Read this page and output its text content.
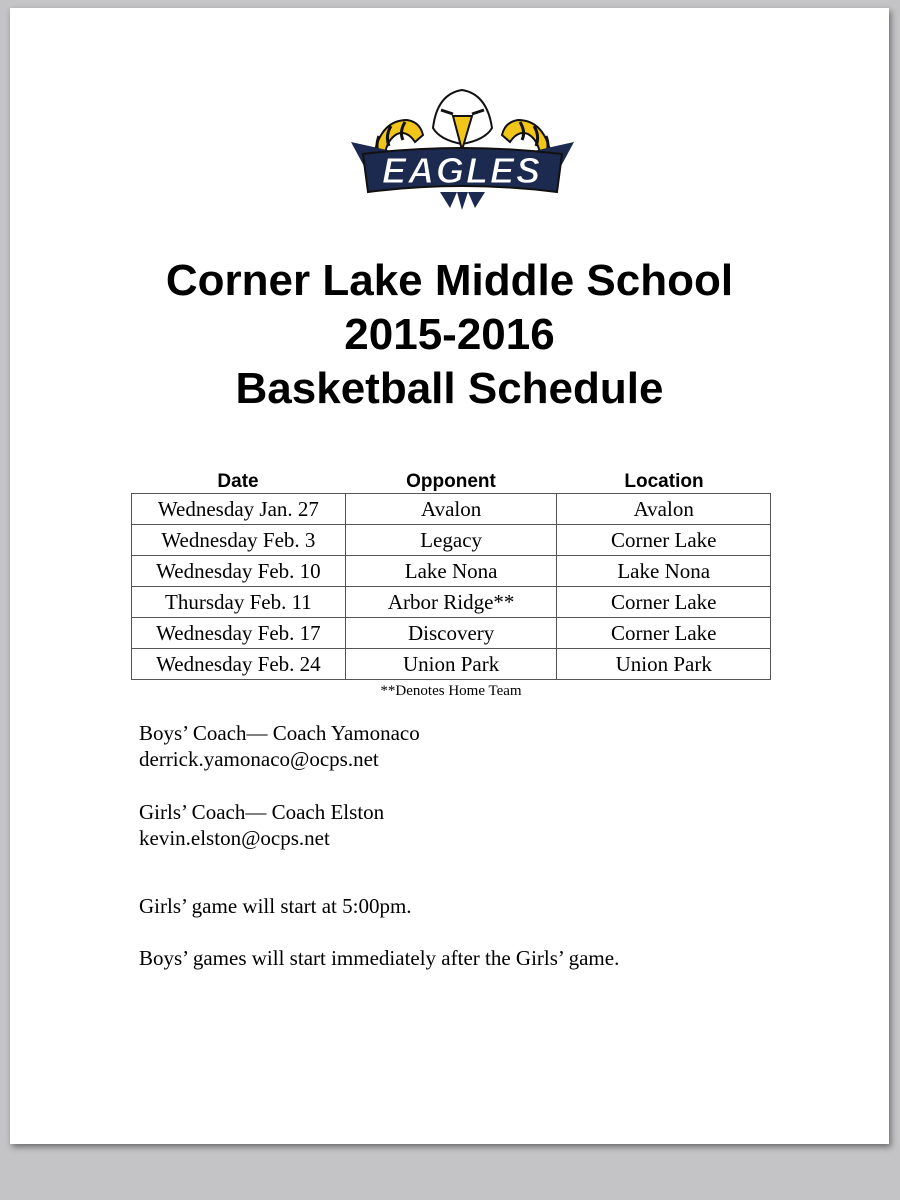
EAGLES
Corner Lake Middle School
2015-2016
Basketball Schedule
Date	Opponent	Location
Wednesday Jan. 27	Avalon	Avalon
Wednesday Feb. 3	Legacy	Corner Lake
Wednesday Feb. 10	Lake Nona	Lake Nona
Thursday Feb. 11	Arbor Ridge**	Corner Lake
Wednesday Feb. 17	Discovery	Corner Lake
Wednesday Feb. 24	Union Park	Union Park
**Denotes Home Team
Boys’ Coach— Coach Yamonaco
derrick.yamonaco@ocps.net
Girls’ Coach— Coach Elston
kevin.elston@ocps.net
Girls’ game will start at 5:00pm.
Boys’ games will start immediately after the Girls’ game.
